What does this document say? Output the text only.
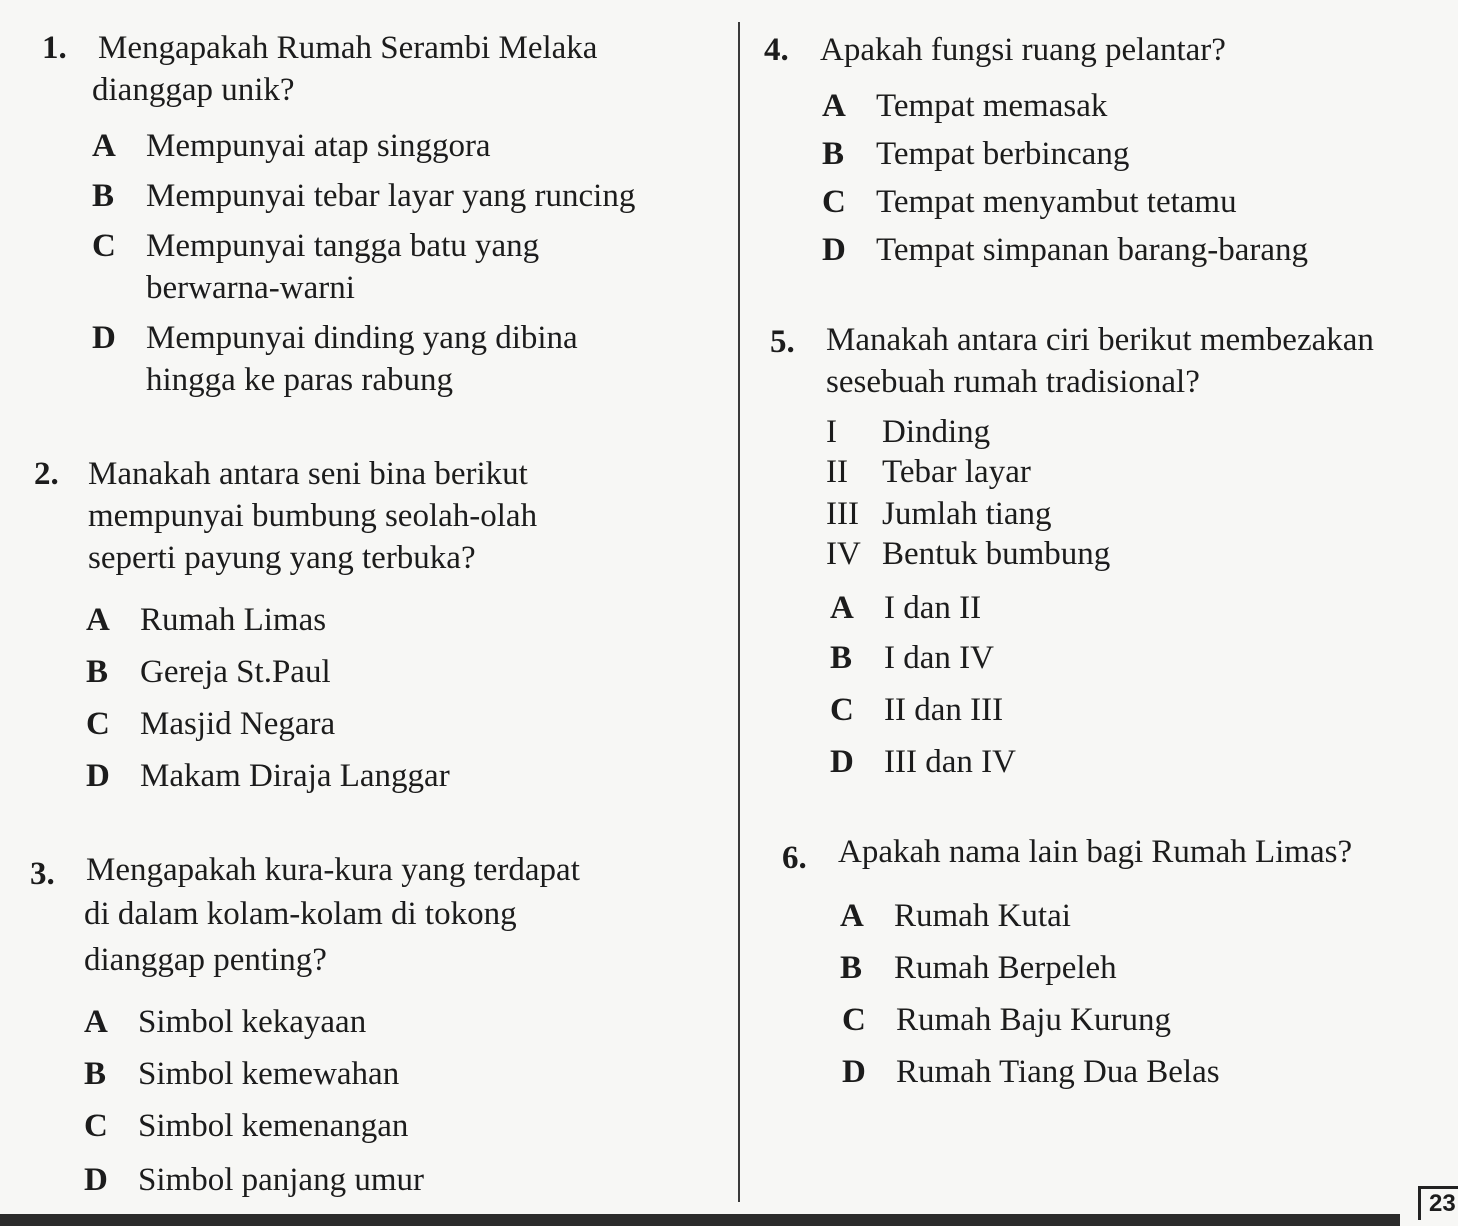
1. Mengapakah Rumah Serambi Melaka
dianggap unik?
A Mempunyai atap singgora
B Mempunyai tebar layar yang runcing
C Mempunyai tangga batu yang
berwarna-warni
D Mempunyai dinding yang dibina
hingga ke paras rabung
2. Manakah antara seni bina berikut
mempunyai bumbung seolah-olah
seperti payung yang terbuka?
A Rumah Limas
B Gereja St.Paul
C Masjid Negara
D Makam Diraja Langgar
3. Mengapakah kura-kura yang terdapat
di dalam kolam-kolam di tokong
dianggap penting?
A Simbol kekayaan
B Simbol kemewahan
C Simbol kemenangan
D Simbol panjang umur
4. Apakah fungsi ruang pelantar?
A Tempat memasak
B Tempat berbincang
C Tempat menyambut tetamu
D Tempat simpanan barang-barang
5. Manakah antara ciri berikut membezakan
sesebuah rumah tradisional?
I Dinding
II Tebar layar
III Jumlah tiang
IV Bentuk bumbung
A I dan II
B I dan IV
C II dan III
D III dan IV
6. Apakah nama lain bagi Rumah Limas?
A Rumah Kutai
B Rumah Berpeleh
C Rumah Baju Kurung
D Rumah Tiang Dua Belas
23
